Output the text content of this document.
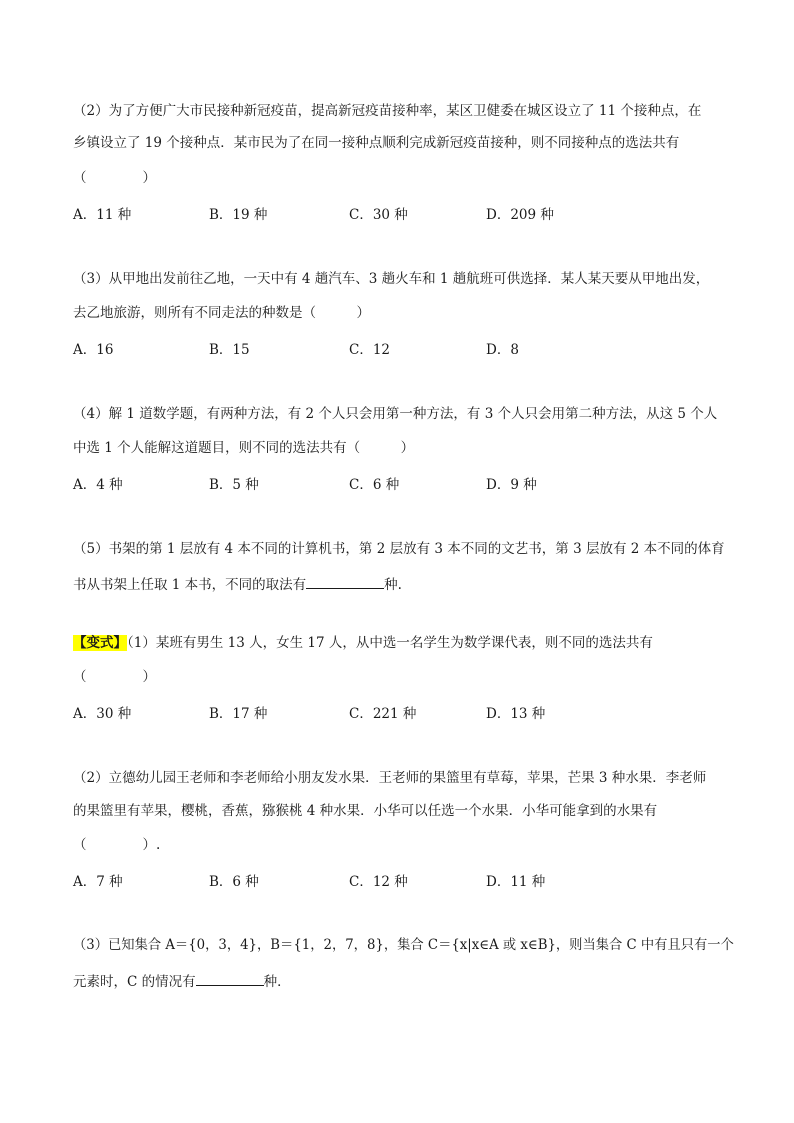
（2）为了方便广大市民接种新冠疫苗，提高新冠疫苗接种率，某区卫健委在城区设立了 11 个接种点，在
乡镇设立了 19 个接种点．某市民为了在同一接种点顺利完成新冠疫苗接种，则不同接种点的选法共有
（	）
A．11 种	B．19 种	C．30 种	D．209 种
（3）从甲地出发前往乙地，一天中有 4 趟汽车、3 趟火车和 1 趟航班可供选择．某人某天要从甲地出发，
去乙地旅游，则所有不同走法的种数是（　　　）
A．16	B．15	C．12	D．8
（4）解 1 道数学题，有两种方法，有 2 个人只会用第一种方法，有 3 个人只会用第二种方法，从这 5 个人
中选 1 个人能解这道题目，则不同的选法共有（　　　）
A．4 种	B．5 种	C．6 种	D．9 种
（5）书架的第 1 层放有 4 本不同的计算机书，第 2 层放有 3 本不同的文艺书，第 3 层放有 2 本不同的体育
书从书架上任取 1 本书，不同的取法有	种.
【变式】（1）某班有男生 13 人，女生 17 人，从中选一名学生为数学课代表，则不同的选法共有
（	）
A．30 种	B．17 种	C．221 种	D．13 种
（2）立德幼儿园王老师和李老师给小朋友发水果．王老师的果篮里有草莓，苹果，芒果 3 种水果．李老师
的果篮里有苹果，樱桃，香蕉，猕猴桃 4 种水果．小华可以任选一个水果．小华可能拿到的水果有
（	）.
A．7 种	B．6 种	C．12 种	D．11 种
（3）已知集合 A＝{0，3，4}，B＝{1，2，7，8}，集合 C＝{x|x∈A 或 x∈B}，则当集合 C 中有且只有一个
元素时，C 的情况有	种．
